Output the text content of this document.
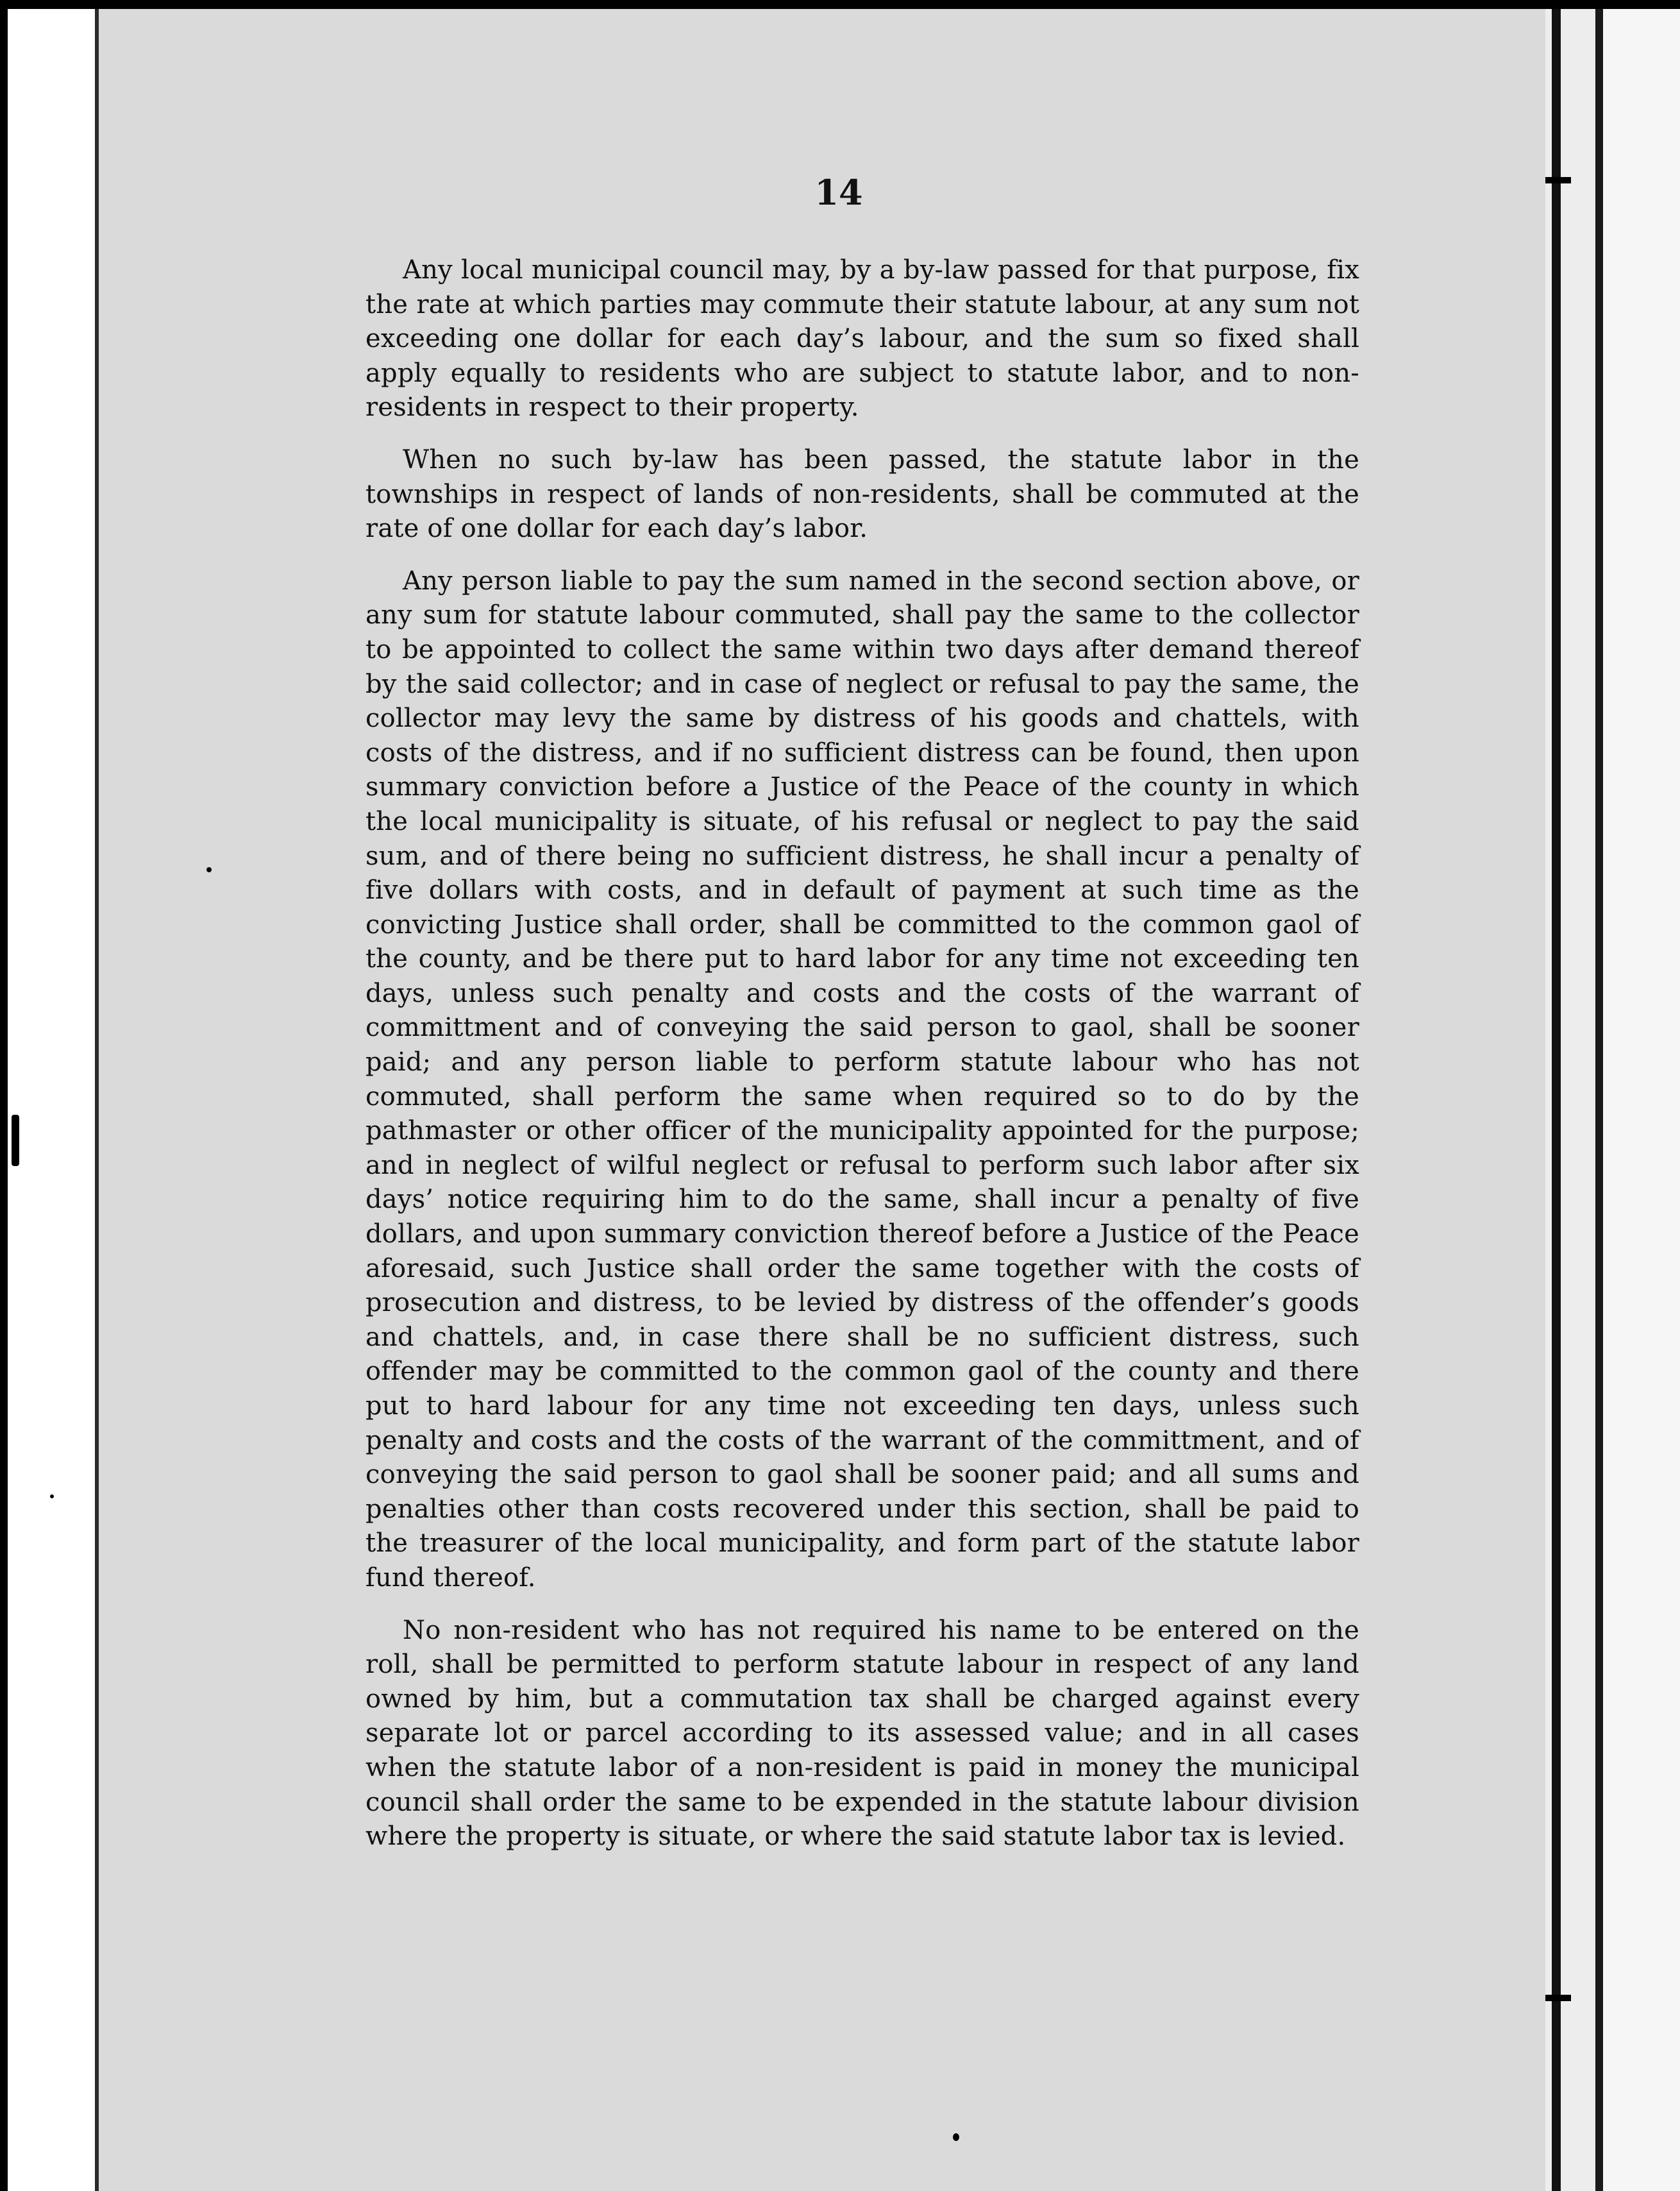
14

Any local municipal council may, by a by-law passed for that purpose, fix the rate at which parties may commute their statute labour, at any sum not exceeding one dollar for each day’s labour, and the sum so fixed shall apply equally to residents who are subject to statute labor, and to non-residents in respect to their property.

When no such by-law has been passed, the statute labor in the townships in respect of lands of non-residents, shall be commuted at the rate of one dollar for each day’s labor.

Any person liable to pay the sum named in the second section above, or any sum for statute labour commuted, shall pay the same to the collector to be appointed to collect the same within two days after demand thereof by the said collector; and in case of neglect or refusal to pay the same, the collector may levy the same by distress of his goods and chattels, with costs of the distress, and if no sufficient distress can be found, then upon summary conviction before a Justice of the Peace of the county in which the local municipality is situate, of his refusal or neglect to pay the said sum, and of there being no sufficient distress, he shall incur a penalty of five dollars with costs, and in default of payment at such time as the convicting Justice shall order, shall be committed to the common gaol of the county, and be there put to hard labor for any time not exceeding ten days, unless such penalty and costs and the costs of the warrant of committment and of conveying the said person to gaol, shall be sooner paid; and any person liable to perform statute labour who has not commuted, shall perform the same when required so to do by the pathmaster or other officer of the municipality appointed for the purpose; and in neglect of wilful neglect or refusal to perform such labor after six days’ notice requiring him to do the same, shall incur a penalty of five dollars, and upon summary conviction thereof before a Justice of the Peace aforesaid, such Justice shall order the same together with the costs of prosecution and distress, to be levied by distress of the offender’s goods and chattels, and, in case there shall be no sufficient distress, such offender may be committed to the common gaol of the county and there put to hard labour for any time not exceeding ten days, unless such penalty and costs and the costs of the warrant of the committment, and of conveying the said person to gaol shall be sooner paid; and all sums and penalties other than costs recovered under this section, shall be paid to the treasurer of the local municipality, and form part of the statute labor fund thereof.

No non-resident who has not required his name to be entered on the roll, shall be permitted to perform statute labour in respect of any land owned by him, but a commutation tax shall be charged against every separate lot or parcel according to its assessed value; and in all cases when the statute labor of a non-resident is paid in money the municipal council shall order the same to be expended in the statute labour division where the property is situate, or where the said statute labor tax is levied.
